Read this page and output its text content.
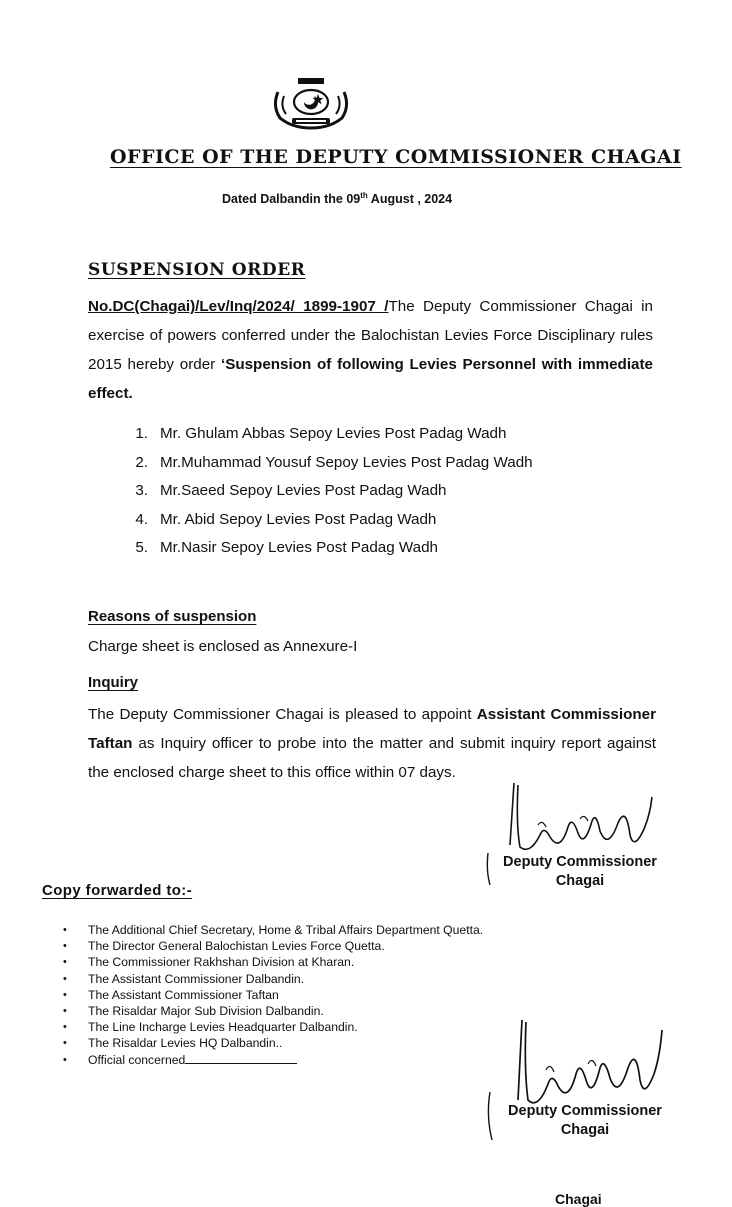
OFFICE OF THE DEPUTY COMMISSIONER CHAGAI
Dated Dalbandin the 09th August , 2024
SUSPENSION ORDER
No.DC(Chagai)/Lev/Inq/2024/_1899-1907_/The Deputy Commissioner Chagai in exercise of powers conferred under the Balochistan Levies Force Disciplinary rules 2015 hereby order ‘Suspension of following Levies Personnel with immediate effect.
1. Mr. Ghulam Abbas Sepoy Levies Post Padag Wadh
2. Mr.Muhammad Yousuf Sepoy Levies Post Padag Wadh
3. Mr.Saeed Sepoy Levies Post Padag Wadh
4. Mr. Abid Sepoy Levies Post Padag Wadh
5. Mr.Nasir Sepoy Levies Post Padag Wadh
Reasons of suspension
Charge sheet is enclosed as Annexure-I
Inquiry
The Deputy Commissioner Chagai is pleased to appoint Assistant Commissioner Taftan as Inquiry officer to probe into the matter and submit inquiry report against the enclosed charge sheet to this office within 07 days.
Deputy Commissioner
Chagai
Copy forwarded to:-
• The Additional Chief Secretary, Home & Tribal Affairs Department Quetta.
• The Director General Balochistan Levies Force Quetta.
• The Commissioner Rakhshan Division at Kharan.
• The Assistant Commissioner Dalbandin.
• The Assistant Commissioner Taftan
• The Risaldar Major Sub Division Dalbandin.
• The Line Incharge Levies Headquarter Dalbandin.
• The Risaldar Levies HQ Dalbandin..
• Official concerned
Deputy Commissioner
Chagai
Chagai
